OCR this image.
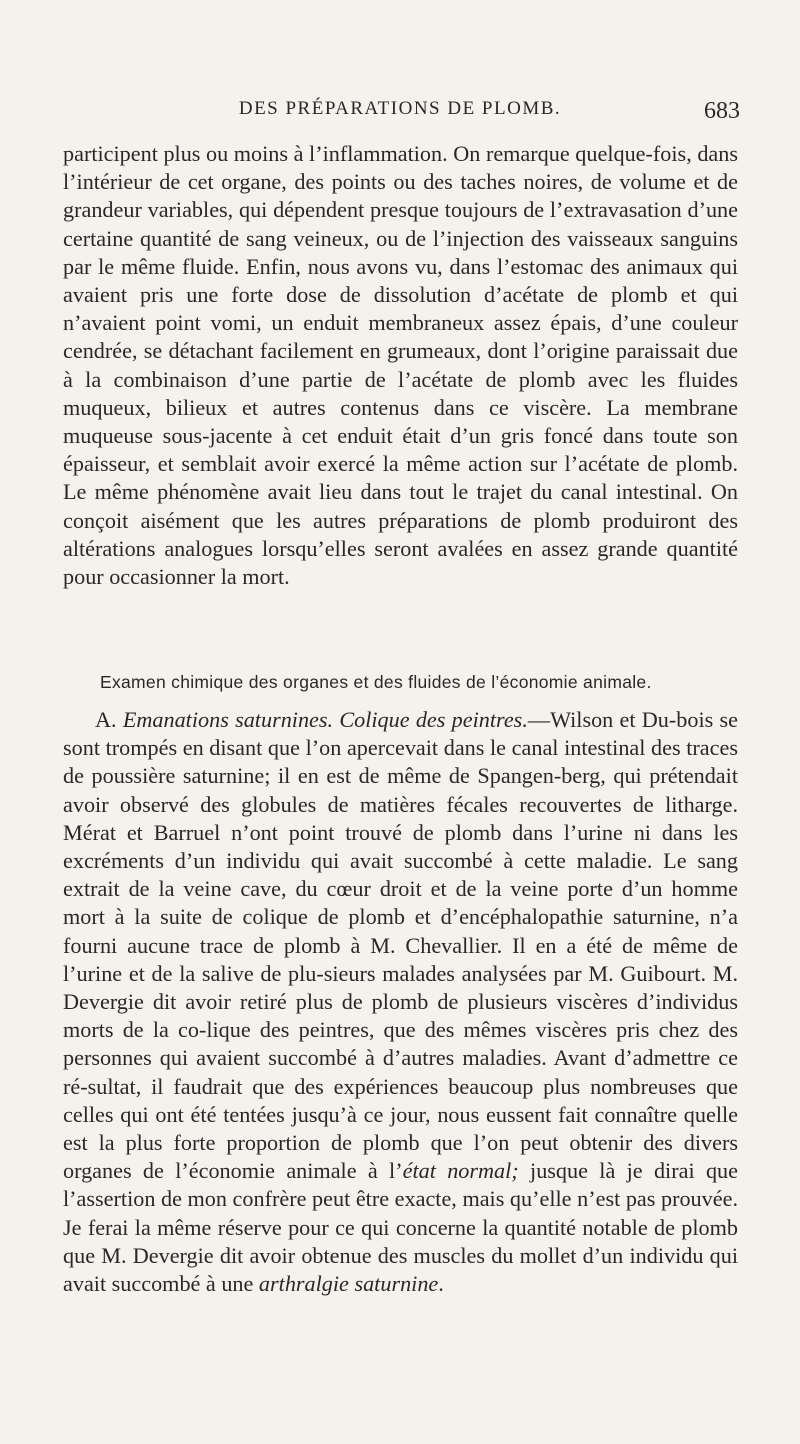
DES PRÉPARATIONS DE PLOMB.	683

participent plus ou moins à l’inflammation. On remarque quelque-fois, dans l’intérieur de cet organe, des points ou des taches noires, de volume et de grandeur variables, qui dépendent presque toujours de l’extravasation d’une certaine quantité de sang veineux, ou de l’injection des vaisseaux sanguins par le même fluide. Enfin, nous avons vu, dans l’estomac des animaux qui avaient pris une forte dose de dissolution d’acétate de plomb et qui n’avaient point vomi, un enduit membraneux assez épais, d’une couleur cendrée, se détachant facilement en grumeaux, dont l’origine paraissait due à la combinaison d’une partie de l’acétate de plomb avec les fluides muqueux, bilieux et autres contenus dans ce viscère. La membrane muqueuse sous-jacente à cet enduit était d’un gris foncé dans toute son épaisseur, et semblait avoir exercé la même action sur l’acétate de plomb. Le même phénomène avait lieu dans tout le trajet du canal intestinal. On conçoit aisément que les autres préparations de plomb produiront des altérations analogues lorsqu’elles seront avalées en assez grande quantité pour occasionner la mort.

Examen chimique des organes et des fluides de l’économie animale.

A. Emanations saturnines. Colique des peintres.—Wilson et Du-bois se sont trompés en disant que l’on apercevait dans le canal intestinal des traces de poussière saturnine; il en est de même de Spangen-berg, qui prétendait avoir observé des globules de matières fécales recouvertes de litharge. Mérat et Barruel n’ont point trouvé de plomb dans l’urine ni dans les excréments d’un individu qui avait succombé à cette maladie. Le sang extrait de la veine cave, du cœur droit et de la veine porte d’un homme mort à la suite de colique de plomb et d’encéphalopathie saturnine, n’a fourni aucune trace de plomb à M. Chevallier. Il en a été de même de l’urine et de la salive de plu-sieurs malades analysées par M. Guibourt. M. Devergie dit avoir retiré plus de plomb de plusieurs viscères d’individus morts de la co-lique des peintres, que des mêmes viscères pris chez des personnes qui avaient succombé à d’autres maladies. Avant d’admettre ce ré-sultat, il faudrait que des expériences beaucoup plus nombreuses que celles qui ont été tentées jusqu’à ce jour, nous eussent fait connaître quelle est la plus forte proportion de plomb que l’on peut obtenir des divers organes de l’économie animale à l’état normal; jusque là je dirai que l’assertion de mon confrère peut être exacte, mais qu’elle n’est pas prouvée. Je ferai la même réserve pour ce qui concerne la quantité notable de plomb que M. Devergie dit avoir obtenue des muscles du mollet d’un individu qui avait succombé à une arthralgie saturnine.
